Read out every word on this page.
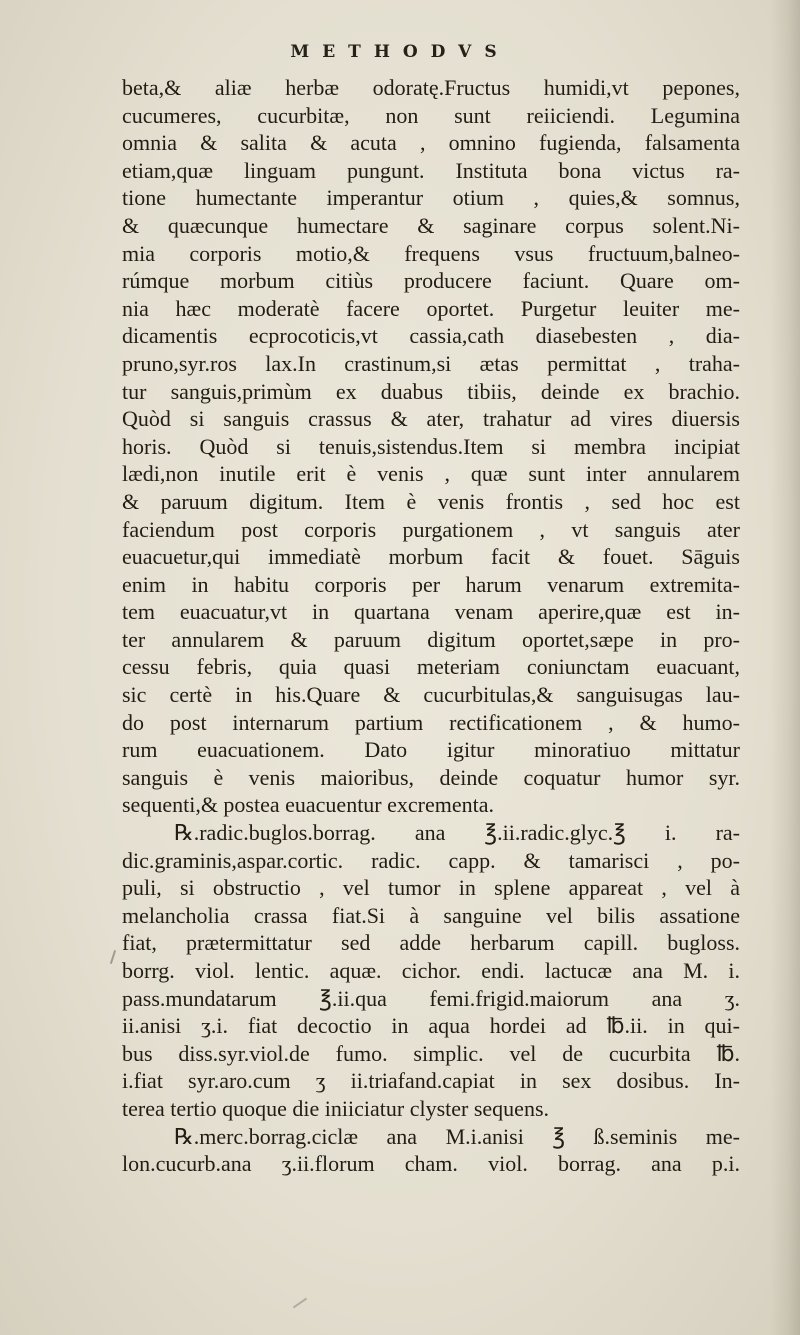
METHODVS
beta,& aliæ herbæ odoratę.Fructus humidi,vt pepones,
cucumeres, cucurbitæ, non sunt reiiciendi. Legumina
omnia & salita & acuta , omnino fugienda, falsamenta
etiam,quæ linguam pungunt. Instituta bona victus ra-
tione humectante imperantur otium , quies,& somnus,
& quæcunque humectare & saginare corpus solent.Ni-
mia corporis motio,& frequens vsus fructuum,balneo-
rúmque morbum citiùs producere faciunt. Quare om-
nia hæc moderatè facere oportet. Purgetur leuiter me-
dicamentis ecprocoticis,vt cassia,cath diasebesten , dia-
pruno,syr.ros lax.In crastinum,si ætas permittat , traha-
tur sanguis,primùm ex duabus tibiis, deinde ex brachio.
Quòd si sanguis crassus & ater, trahatur ad vires diuersis
horis. Quòd si tenuis,sistendus.Item si membra incipiat
lædi,non inutile erit è venis , quæ sunt inter annularem
& paruum digitum. Item è venis frontis , sed hoc est
faciendum post corporis purgationem , vt sanguis ater
euacuetur,qui immediatè morbum facit & fouet. Sāguis
enim in habitu corporis per harum venarum extremita-
tem euacuatur,vt in quartana venam aperire,quæ est in-
ter annularem & paruum digitum oportet,sæpe in pro-
cessu febris, quia quasi meteriam coniunctam euacuant,
sic certè in his.Quare & cucurbitulas,& sanguisugas lau-
do post internarum partium rectificationem , & humo-
rum euacuationem. Dato igitur minoratiuo mittatur
sanguis è venis maioribus, deinde coquatur humor syr.
sequenti,& postea euacuentur excrementa.
℞.radic.buglos.borrag. ana ℥.ii.radic.glyc.℥ i. ra-
dic.graminis,aspar.cortic. radic. capp. & tamarisci , po-
puli, si obstructio , vel tumor in splene appareat , vel à
melancholia crassa fiat.Si à sanguine vel bilis assatione
fiat, prætermittatur sed adde herbarum capill. bugloss.
borrg. viol. lentic. aquæ. cichor. endi. lactucæ ana M. i.
pass.mundatarum ℥.ii.qua femi.frigid.maiorum ana ʒ.
ii.anisi ʒ.i. fiat decoctio in aqua hordei ad ℔.ii. in qui-
bus diss.syr.viol.de fumo. simplic. vel de cucurbita ℔.
i.fiat syr.aro.cum ʒ ii.triafand.capiat in sex dosibus. In-
terea tertio quoque die iniiciatur clyster sequens.
℞.merc.borrag.ciclæ ana M.i.anisi ℥ ß.seminis me-
lon.cucurb.ana ʒ.ii.florum cham. viol. borrag. ana p.i.
